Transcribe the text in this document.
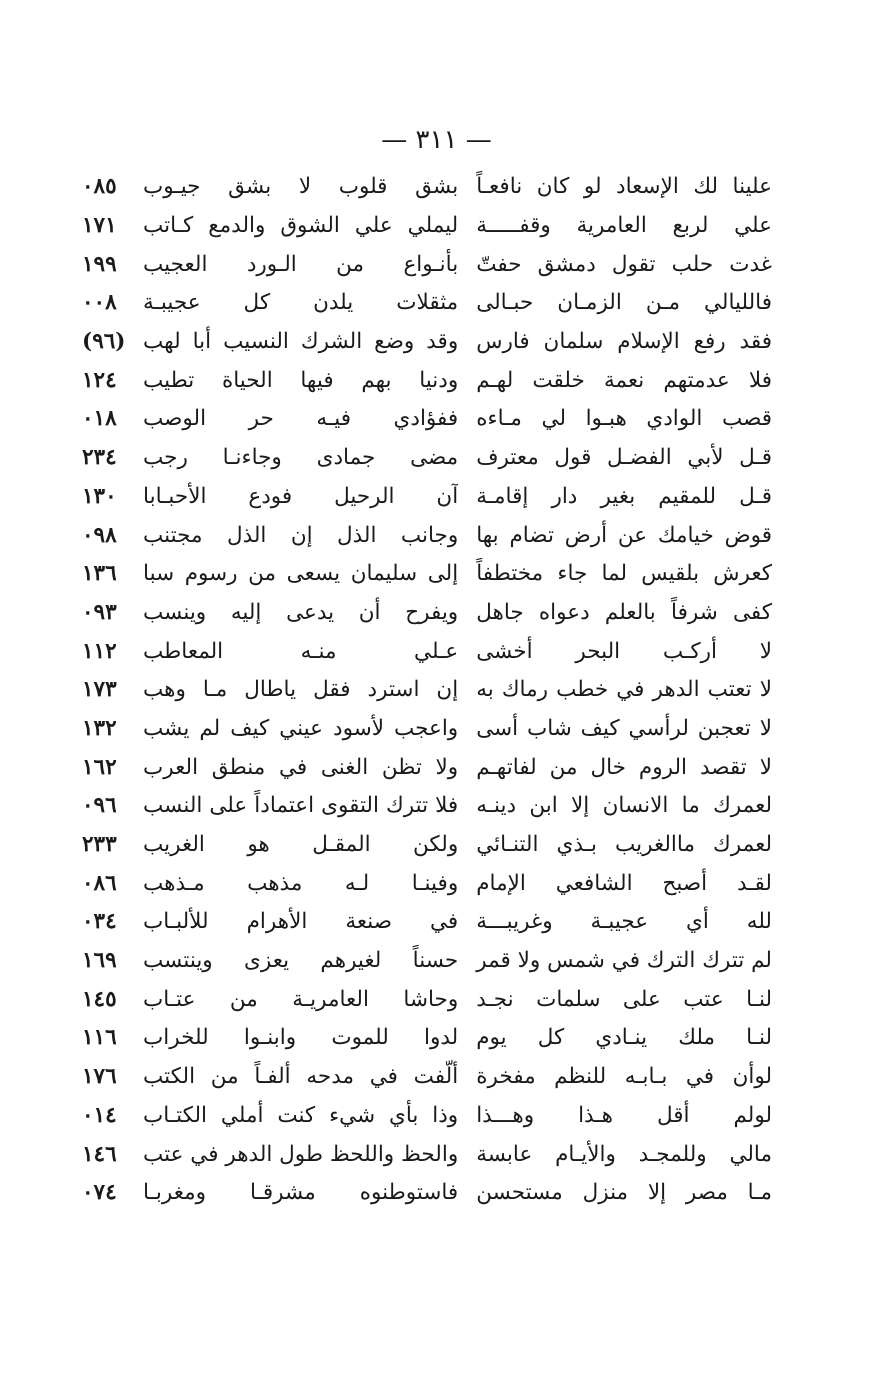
— ٣١١ —
علينا لك الإسعاد لو كان نافعـاً	بشق قلوب لا بشق جيـوب	٠٨٥
علي لربع العامرية وقفـــــة	ليملي علي الشوق والدمع كـاتب	١٧١
غدت حلب تقول دمشق حفتّ	بأنـواع من الـورد العجيب	١٩٩
فالليالي مـن الزمـان حبـالى	مثقلات يلدن كل عجيبـة	٠٠٨
فقد رفع الإسلام سلمان فارس	وقد وضع الشرك النسيب أبا لهب	(٩٦)
فلا عدمتهم نعمة خلقت لهـم	ودنيا بهم فيها الحياة تطيب	١٢٤
قصب الوادي هبـوا لي مـاءه	ففؤادي فيـه حر الوصب	٠١٨
قـل لأبي الفضـل قول معترف	مضى جمادى وجاءنـا رجب	٢٣٤
قـل للمقيم بغير دار إقامـة	آن الرحيل فودع الأحبـابا	١٣٠
قوض خيامك عن أرض تضام بها	وجانب الذل إن الذل مجتنب	٠٩٨
كعرش بلقيس لما جاء مختطفاً	إلى سليمان يسعى من رسوم سبا	١٣٦
كفى شرفاً بالعلم دعواه جاهل	ويفرح أن يدعى إليه وينسب	٠٩٣
لا أركـب البحر أخشى	عـلي منـه المعاطب	١١٢
لا تعتب الدهر في خطب رماك به	إن استرد فقل ياطال مـا وهب	١٧٣
لا تعجبن لرأسي كيف شاب أسى	واعجب لأسود عيني كيف لم يشب	١٣٢
لا تقصد الروم خال من لفاتهـم	ولا تظن الغنى في منطق العرب	١٦٢
لعمرك ما الانسان إلا ابن دينـه	فلا تترك التقوى اعتماداً على النسب	٠٩٦
لعمرك ماالغريب بـذي التنـائي	ولكن المقـل هو الغريب	٢٣٣
لقـد أصبح الشافعي الإمام	وفينـا لـه مذهب مـذهب	٠٨٦
لله أي عجيبـة وغريبـــة	في صنعة الأهرام للألبـاب	٠٣٤
لم تترك الترك في شمس ولا قمر	حسناً لغيرهم يعزى وينتسب	١٦٩
لنـا عتب على سلمات نجـد	وحاشا العامريـة من عتـاب	١٤٥
لنـا ملك ينـادي كل يوم	لدوا للموت وابنـوا للخراب	١١٦
لوأن في بـابـه للنظم مفخرة	ألّفت في مدحه ألفـاً من الكتب	١٧٦
لولم أقل هـذا وهـــذا	وذا بأي شيء كنت أملي الكتـاب	٠١٤
مالي وللمجـد والأيـام عابسة	والحظ واللحظ طول الدهر في عتب	١٤٦
مـا مصر إلا منزل مستحسن	فاستوطنوه مشرقـا ومغربـا	٠٧٤
